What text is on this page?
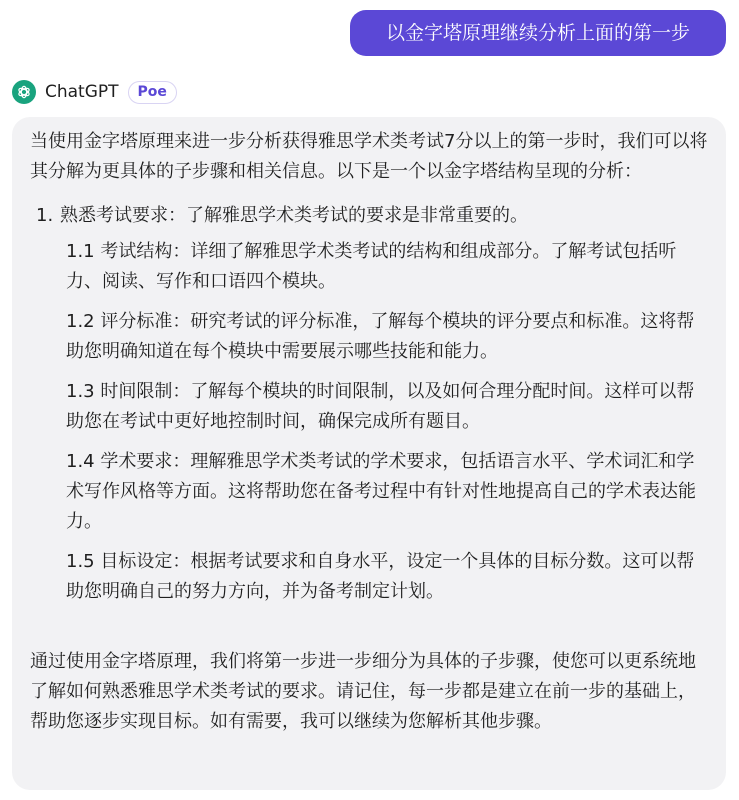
以金字塔原理继续分析上面的第一步
ChatGPT	Poe

当使用金字塔原理来进一步分析获得雅思学术类考试7分以上的第一步时，我们可以将其分解为更具体的子步骤和相关信息。以下是一个以金字塔结构呈现的分析：

1. 熟悉考试要求：了解雅思学术类考试的要求是非常重要的。

1.1 考试结构：详细了解雅思学术类考试的结构和组成部分。了解考试包括听力、阅读、写作和口语四个模块。

1.2 评分标准：研究考试的评分标准，了解每个模块的评分要点和标准。这将帮助您明确知道在每个模块中需要展示哪些技能和能力。

1.3 时间限制：了解每个模块的时间限制，以及如何合理分配时间。这样可以帮助您在考试中更好地控制时间，确保完成所有题目。

1.4 学术要求：理解雅思学术类考试的学术要求，包括语言水平、学术词汇和学术写作风格等方面。这将帮助您在备考过程中有针对性地提高自己的学术表达能力。

1.5 目标设定：根据考试要求和自身水平，设定一个具体的目标分数。这可以帮助您明确自己的努力方向，并为备考制定计划。

通过使用金字塔原理，我们将第一步进一步细分为具体的子步骤，使您可以更系统地了解如何熟悉雅思学术类考试的要求。请记住，每一步都是建立在前一步的基础上，帮助您逐步实现目标。如有需要，我可以继续为您解析其他步骤。
